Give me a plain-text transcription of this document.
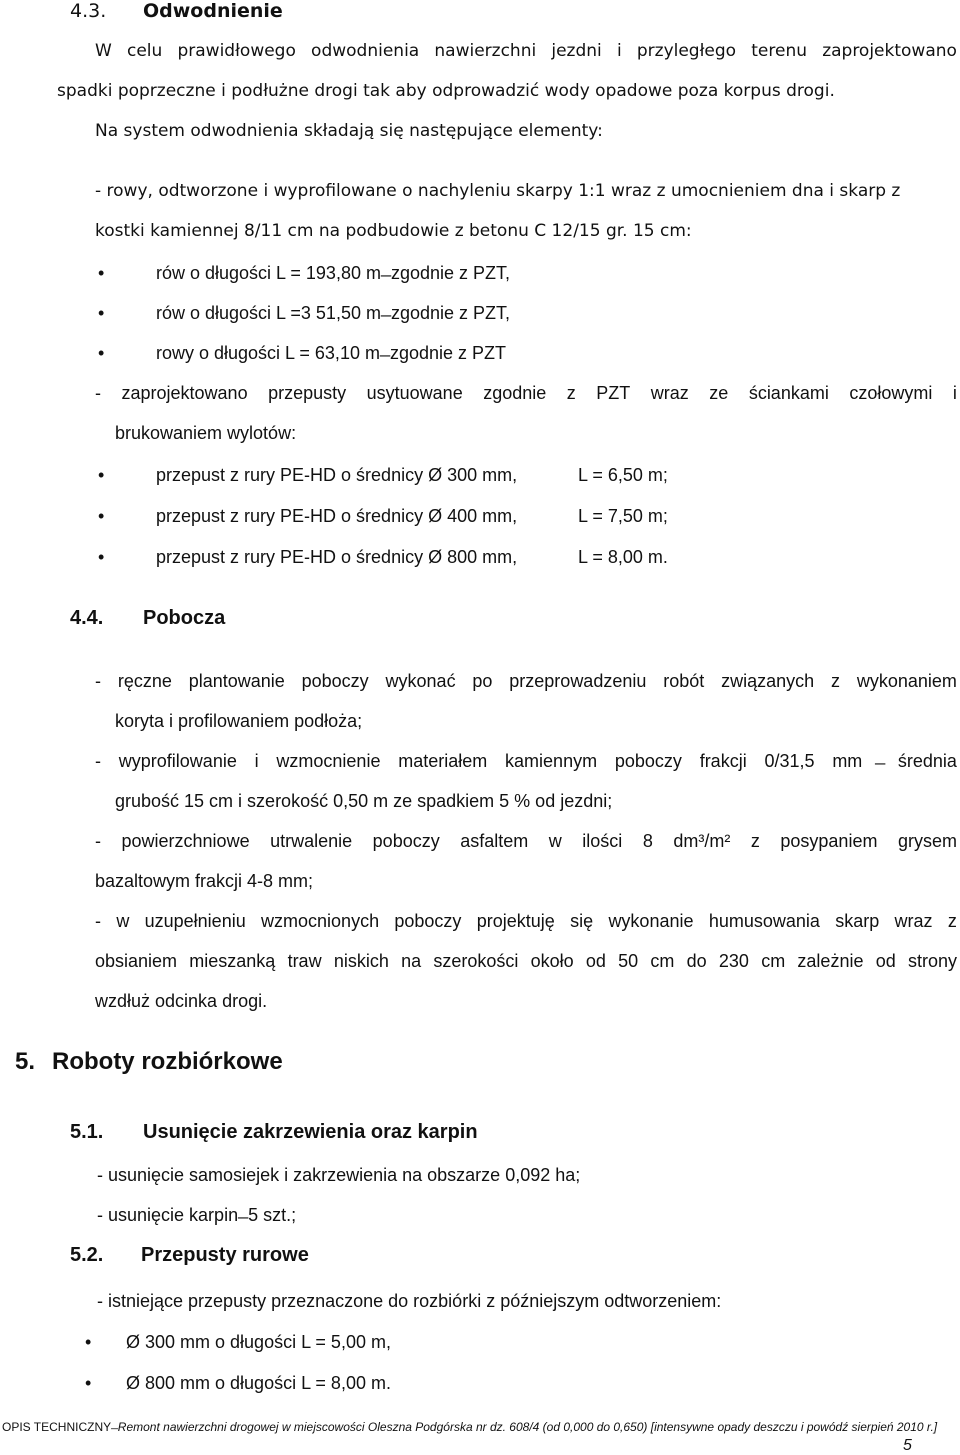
4.3. Odwodnienie
W celu prawidłowego odwodnienia nawierzchni jezdni i przyległego terenu zaprojektowano
spadki poprzeczne i podłużne drogi tak aby odprowadzić wody opadowe poza korpus drogi.
Na system odwodnienia składają się następujące elementy:
- rowy, odtworzone i wyprofilowane o nachyleniu skarpy 1:1 wraz z umocnieniem dna i skarp z
kostki kamiennej 8/11 cm na podbudowie z betonu C 12/15 gr. 15 cm:
•	rów o długości L = 193,80 m ̶ zgodnie z PZT,
•	rów o długości L =3 51,50 m ̶ zgodnie z PZT,
•	rowy o długości L = 63,10 m ̶ zgodnie z PZT
- zaprojektowano przepusty usytuowane zgodnie z PZT wraz ze ściankami czołowymi i
brukowaniem wylotów:
•	przepust z rury PE-HD o średnicy Ø 300 mm,	L = 6,50 m;
•	przepust z rury PE-HD o średnicy Ø 400 mm,	L = 7,50 m;
•	przepust z rury PE-HD o średnicy Ø 800 mm,	L = 8,00 m.
4.4. Pobocza
- ręczne plantowanie poboczy wykonać po przeprowadzeniu robót związanych z wykonaniem
koryta i profilowaniem podłoża;
- wyprofilowanie i wzmocnienie materiałem kamiennym poboczy frakcji 0/31,5 mm średnia
grubość 15 cm i szerokość 0,50 m ze spadkiem 5 % od jezdni;
- powierzchniowe utrwalenie poboczy asfaltem w ilości 8 dm³/m² z posypaniem grysem
bazaltowym frakcji 4-8 mm;
- w uzupełnieniu wzmocnionych poboczy projektuję się wykonanie humusowania skarp wraz z
obsianiem mieszanką traw niskich na szerokości około od 50 cm do 230 cm zależnie od strony
wzdłuż odcinka drogi.
5. Roboty rozbiórkowe
5.1. Usunięcie zakrzewienia oraz karpin
- usunięcie samosiejek i zakrzewienia na obszarze 0,092 ha;
- usunięcie karpin ̶ 5 szt.;
5.2. Przepusty rurowe
- istniejące przepusty przeznaczone do rozbiórki z późniejszym odtworzeniem:
• Ø 300 mm o długości L = 5,00 m,
• Ø 800 mm o długości L = 8,00 m.
OPIS TECHNICZNY ̶ Remont nawierzchni drogowej w miejscowości Oleszna Podgórska nr dz. 608/4 (od 0,000 do 0,650) [intensywne opady deszczu i powódź sierpień 2010 r.]
5
